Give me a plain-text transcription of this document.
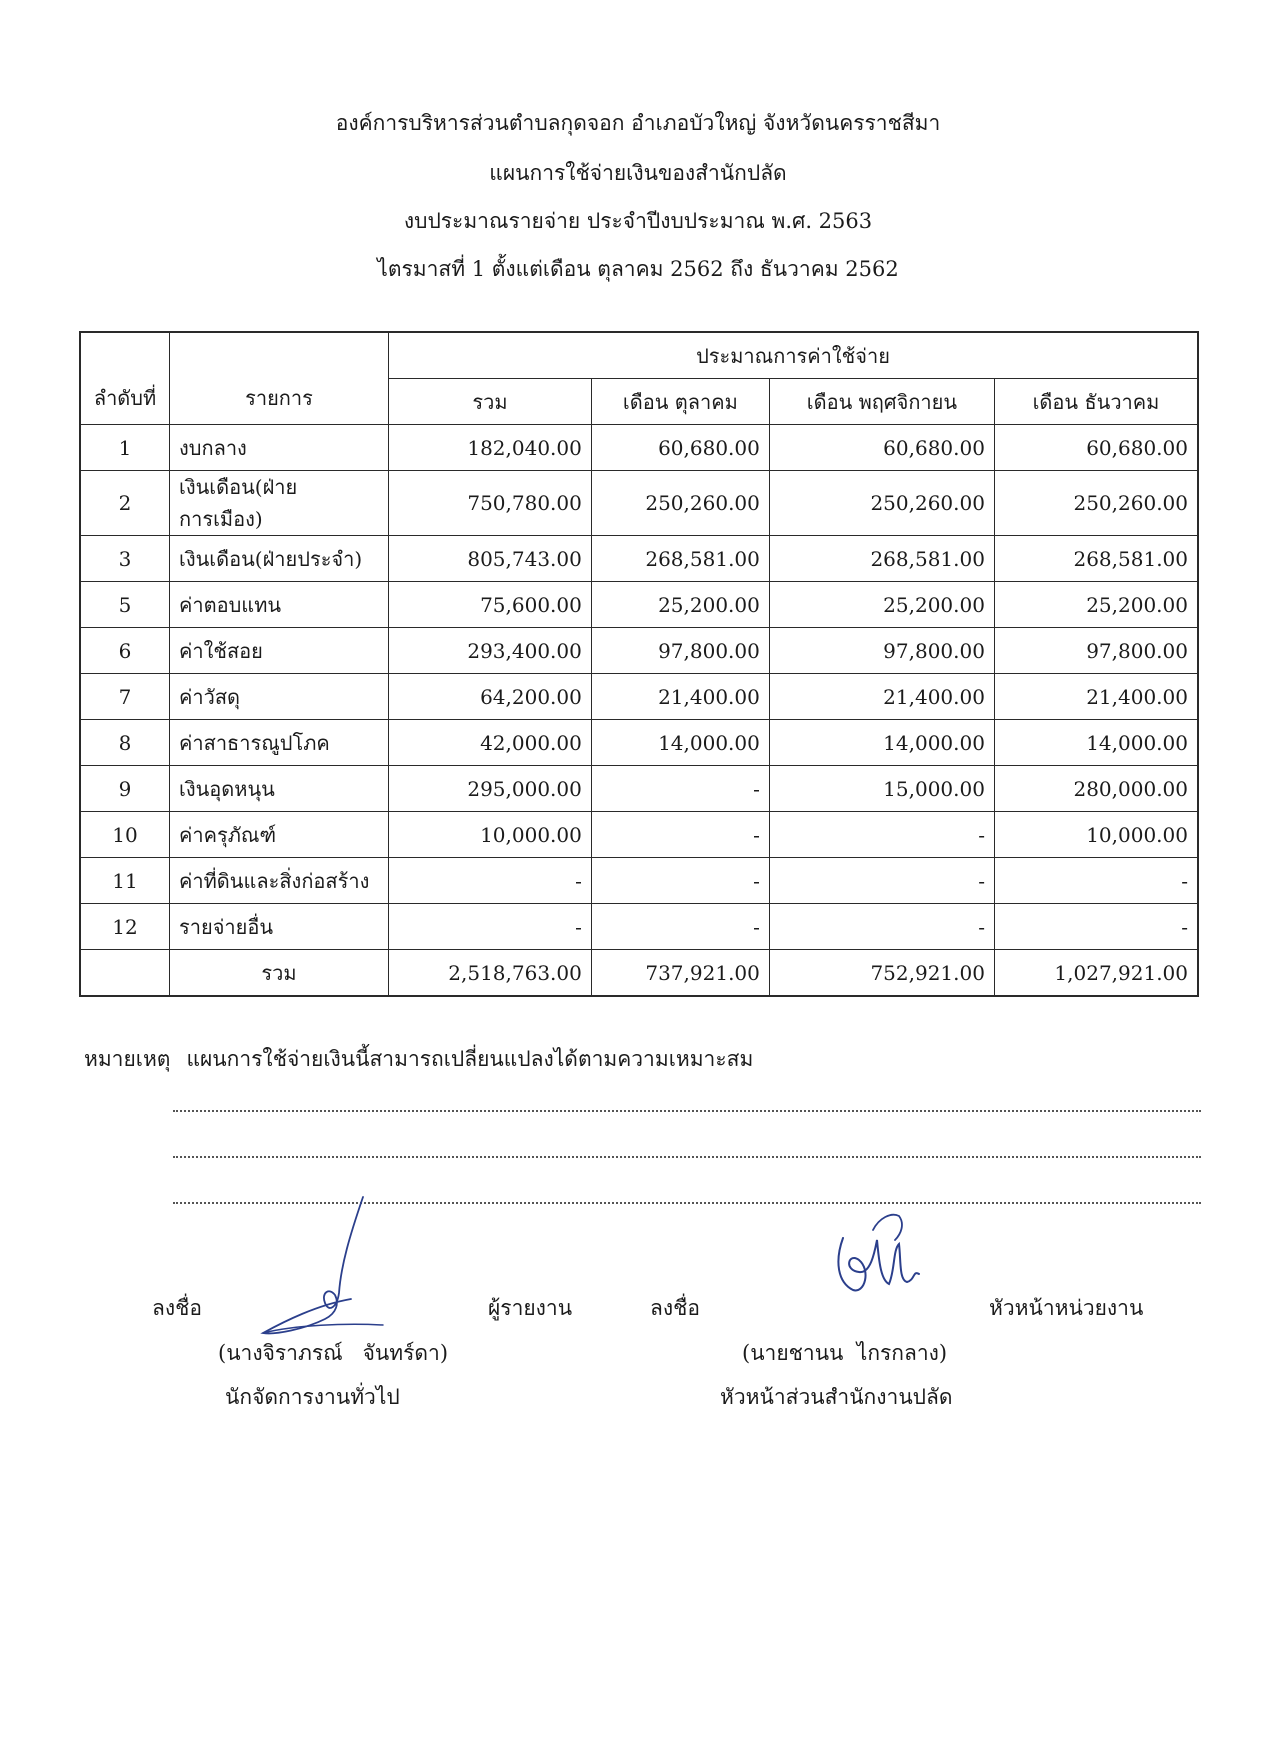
องค์การบริหารส่วนตำบลกุดจอก อำเภอบัวใหญ่ จังหวัดนครราชสีมา
แผนการใช้จ่ายเงินของสำนักปลัด
งบประมาณรายจ่าย ประจำปีงบประมาณ พ.ศ. 2563
ไตรมาสที่ 1 ตั้งแต่เดือน ตุลาคม 2562 ถึง ธันวาคม 2562
ลำดับที่	รายการ	ประมาณการค่าใช้จ่าย			
		รวม	เดือน ตุลาคม	เดือน พฤศจิกายน	เดือน ธันวาคม
1	งบกลาง	182,040.00	60,680.00	60,680.00	60,680.00
2	เงินเดือน(ฝ่ายการเมือง)	750,780.00	250,260.00	250,260.00	250,260.00
3	เงินเดือน(ฝ่ายประจำ)	805,743.00	268,581.00	268,581.00	268,581.00
5	ค่าตอบแทน	75,600.00	25,200.00	25,200.00	25,200.00
6	ค่าใช้สอย	293,400.00	97,800.00	97,800.00	97,800.00
7	ค่าวัสดุ	64,200.00	21,400.00	21,400.00	21,400.00
8	ค่าสาธารณูปโภค	42,000.00	14,000.00	14,000.00	14,000.00
9	เงินอุดหนุน	295,000.00	-	15,000.00	280,000.00
10	ค่าครุภัณฑ์	10,000.00	-	-	10,000.00
11	ค่าที่ดินและสิ่งก่อสร้าง	-	-	-	-
12	รายจ่ายอื่น	-	-	-	-
	รวม	2,518,763.00	737,921.00	752,921.00	1,027,921.00
หมายเหตุ แผนการใช้จ่ายเงินนี้สามารถเปลี่ยนแปลงได้ตามความเหมาะสม
ลงชื่อ	ผู้รายงาน
(นางจิราภรณ์   จันทร์ดา)
นักจัดการงานทั่วไป
ลงชื่อ	หัวหน้าหน่วยงาน
(นายชานน  ไกรกลาง)
หัวหน้าส่วนสำนักงานปลัด
